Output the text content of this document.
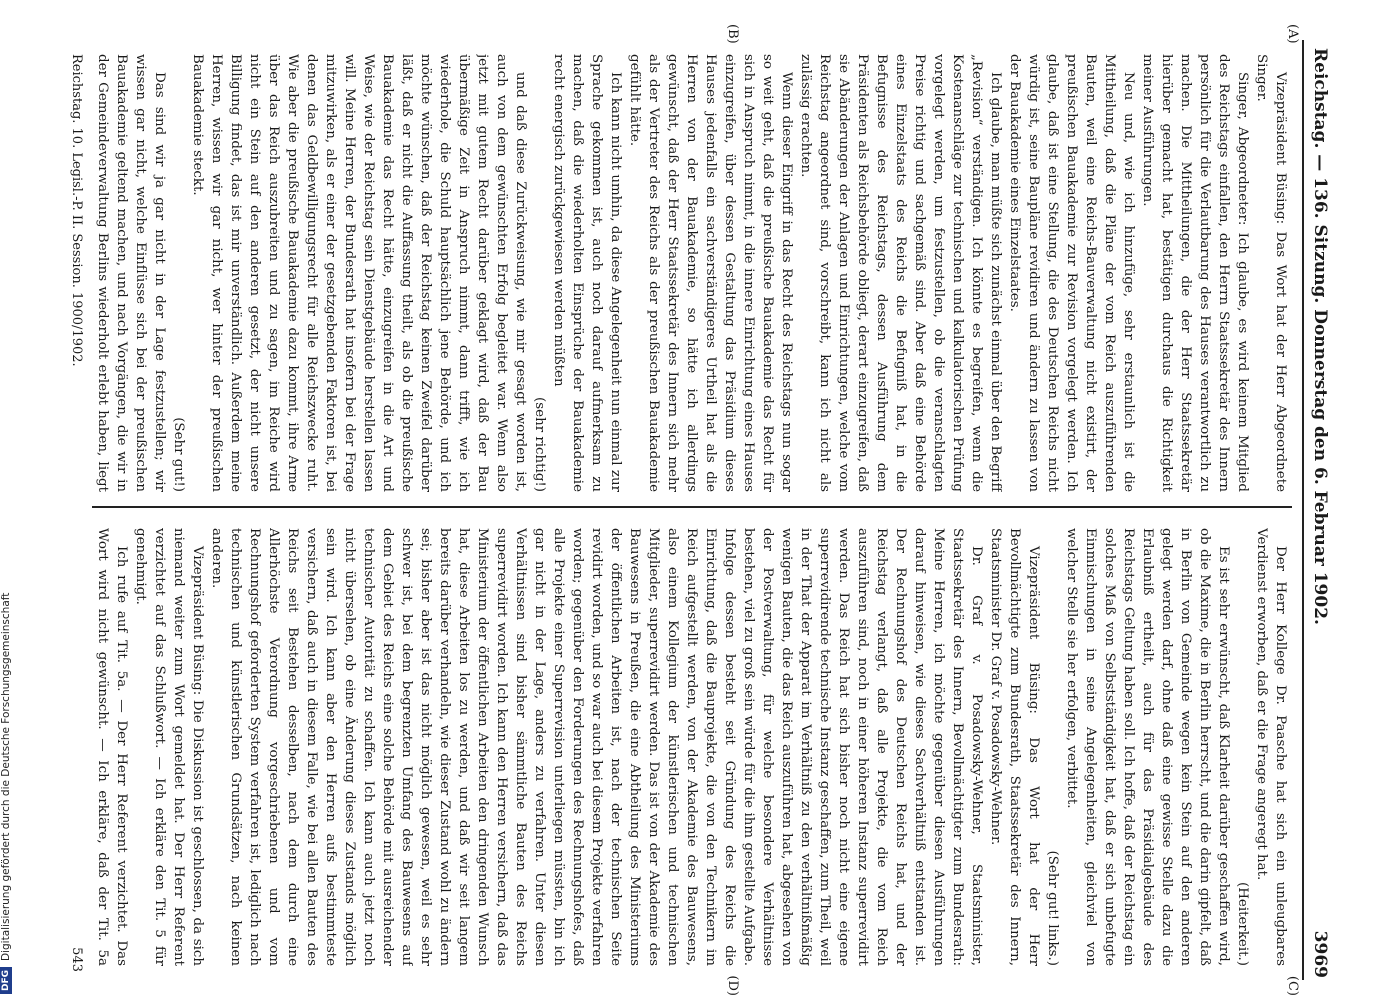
Reichstag. — 136. Sitzung. Donnerstag den 6. Februar 1902.
3969

Vizepräsident Büsing: Das Wort hat der Herr Abgeordnete Singer.

Singer, Abgeordneter: Ich glaube, es wird keinem Mitglied des Reichstags einfallen, den Herrn Staatssekretär des Innern persönlich für die Verlautbarung des Hauses verantwortlich zu machen. Die Mittheilungen, die der Herr Staatssekretär hierüber gemacht hat, bestätigen durchaus die Richtigkeit meiner Ausführungen.

Neu und, wie ich hinzufüge, sehr erstaunlich ist die Mittheilung, daß die Pläne der vom Reich auszuführenden Bauten, weil eine Reichs-Bauverwaltung nicht existirt, der preußischen Bauakademie zur Revision vorgelegt werden. Ich glaube, daß ist eine Stellung, die des Deutschen Reichs nicht würdig ist, seine Baupläne revidiren und ändern zu lassen von der Bauakademie eines Einzelstaates.

Ich glaube, man müßte sich zunächst einmal über den Begriff „Revision“ verständigen. Ich könnte es begreifen, wenn die Kostenanschläge zur technischen und kalkulatorischen Prüfung vorgelegt werden, um festzustellen, ob die veranschlagten Preise richtig und sachgemäß sind. Aber daß eine Behörde eines Einzelstaats des Reichs die Befugniß hat, in die Befugnisse des Reichstags, dessen Ausführung dem Präsidenten als Reichsbehörde obliegt, derart einzugreifen, daß sie Abänderungen der Anlagen und Einrichtungen, welche vom Reichstag angeordnet sind, vorschreibt, kann ich nicht als zulässig erachten.

Wenn dieser Eingriff in das Recht des Reichstags nun sogar so weit geht, daß die preußische Bauakademie das Recht für sich in Anspruch nimmt, in die innere Einrichtung eines Hauses einzugreifen, über dessen Gestaltung das Präsidium dieses Hauses jedenfalls ein sachverständigeres Urtheil hat als die Herren von der Bauakademie, so hätte ich allerdings gewünscht, daß der Herr Staatssekretär des Innern sich mehr als der Vertreter des Reichs als der preußischen Bauakademie gefühlt hätte.

Ich kann nicht umhin, da diese Angelegenheit nun einmal zur Sprache gekommen ist, auch noch darauf aufmerksam zu machen, daß die wiederholten Einsprüche der Bauakademie recht energisch zurückgewiesen werden müßten

(sehr richtig!)

und daß diese Zurückweisung, wie mir gesagt worden ist, auch von dem gewünschten Erfolg begleitet war. Wenn also jetzt mit gutem Recht darüber geklagt wird, daß der Bau übermäßige Zeit in Anspruch nimmt, dann trifft, wie ich wiederhole, die Schuld hauptsächlich jene Behörde, und ich möchte wünschen, daß der Reichstag keinen Zweifel darüber läßt, daß er nicht die Auffassung theilt, als ob die preußische Bauakademie das Recht hätte, einzugreifen in die Art und Weise, wie der Reichstag sein Dienstgebäude herstellen lassen will. Meine Herren, der Bundesrath hat insofern bei der Frage mitzuwirken, als er einer der gesetzgebenden Faktoren ist, bei denen das Geldbewilligungsrecht für alle Reichszwecke ruht. Wie aber die preußische Bauakademie dazu kommt, ihre Arme über das Reich auszubreiten und zu sagen, im Reiche wird nicht ein Stein auf den anderen gesetzt, der nicht unsere Billigung findet, das ist mir unverständlich. Außerdem meine Herren, wissen wir gar nicht, wer hinter der preußischen Bauakademie steckt.

(Sehr gut!)

Das sind wir ja gar nicht in der Lage festzustellen; wir wissen gar nicht, welche Einflüsse sich bei der preußischen Bauakademie geltend machen, und nach Vorgängen, die wir in der Gemeindeverwaltung Berlins wiederholt erlebt haben, liegt

Der Herr Kollege Dr. Paasche hat sich ein unleugbares Verdienst erworben, daß er die Frage angeregt hat.

(Heiterkeit.)

Es ist sehr erwünscht, daß Klarheit darüber geschaffen wird, ob die Maxime, die in Berlin herrscht, und die darin gipfelt, daß in Berlin von Gemeinde wegen kein Stein auf den anderen gelegt werden darf, ohne daß eine gewisse Stelle dazu die Erlaubniß ertheilt, auch für das Präsidialgebäude des Reichstags Geltung haben soll. Ich hoffe, daß der Reichstag ein solches Maß von Selbstständigkeit hat, daß er sich unbefugte Einmischungen in seine Angelegenheiten, gleichviel von welcher Stelle sie her erfolgen, verbittet.

(Sehr gut! links.)

Vizepräsident Büsing: Das Wort hat der Herr Bevollmächtigte zum Bundesrath, Staatssekretär des Innern, Staatsminister Dr. Graf v. Posadowsky-Wehner.

Dr. Graf v. Posadowsky-Wehner, Staatsminister, Staatssekretär des Innern, Bevollmächtigter zum Bundesrath: Meine Herren, ich möchte gegenüber diesen Ausführungen darauf hinweisen, wie dieses Sachverhältniß entstanden ist. Der Rechnungshof des Deutschen Reichs hat, und der Reichstag verlangt, daß alle Projekte, die vom Reich auszuführen sind, noch in einer höheren Instanz superrevidirt werden. Das Reich hat sich bisher noch nicht eine eigene superrevidirende technische Instanz geschaffen, zum Theil, weil in der That der Apparat im Verhältniß zu den verhältnißmäßig wenigen Bauten, die das Reich auszuführen hat, abgesehen von der Postverwaltung, für welche besondere Verhältnisse bestehen, viel zu groß sein würde für die ihm gestellte Aufgabe. Infolge dessen besteht seit Gründung des Reichs die Einrichtung, daß die Bauprojekte, die von den Technikern im Reich aufgestellt werden, von der Akademie des Bauwesens, also einem Kollegium der künstlerischen und technischen Mitglieder, superrevidirt werden. Das ist von der Akademie des Bauwesens in Preußen, die eine Abtheilung des Ministeriums der öffentlichen Arbeiten ist, nach der technischen Seite revidirt worden, und so war auch bei diesem Projekte verfahren worden; gegenüber den Forderungen des Rechnungshofes, daß alle Projekte einer Superrevision unterliegen müssten, bin ich gar nicht in der Lage, anders zu verfahren. Unter diesen Verhältnissen sind bisher sämmtliche Bauten des Reichs superrevidirt worden. Ich kann den Herren versichern, daß das Ministerium der öffentlichen Arbeiten den dringenden Wunsch hat, diese Arbeiten los zu werden, und daß wir seit langem bereits darüber verhandeln, wie dieser Zustand wohl zu ändern sei; bisher aber ist das nicht möglich gewesen, weil es sehr schwer ist, bei dem begrenzten Umfang des Bauwesens auf dem Gebiet des Reichs eine solche Behörde mit ausreichender technischer Autorität zu schaffen. Ich kann auch jetzt noch nicht übersehen, ob eine Änderung dieses Zustands möglich sein wird. Ich kann aber den Herren aufs bestimmteste versichern, daß auch in diesem Falle, wie bei allen Bauten des Reichs seit Bestehen desselben, nach dem durch eine Allerhöchste Verordnung vorgeschriebenen und vom Rechnungshof geforderten System verfahren ist, lediglich nach technischen und künstlerischen Grundsätzen, nach keinen anderen.

Vizepräsident Büsing: Die Diskussion ist geschlossen, da sich niemand weiter zum Wort gemeldet hat. Der Herr Referent verzichtet auf das Schlußwort. — Ich erkläre den Tit. 5 für genehmigt.

Ich rufe auf Tit. 5a. — Der Herr Referent verzichtet. Das Wort wird nicht gewünscht. — Ich erkläre, daß der Tit. 5a

(A)
(B)
(C)
(D)
Reichstag. 10. Legisl.-P. II. Session. 1900/1902.
543
DFGDigitalisierung gefördert durch die Deutsche Forschungsgemeinschaft
